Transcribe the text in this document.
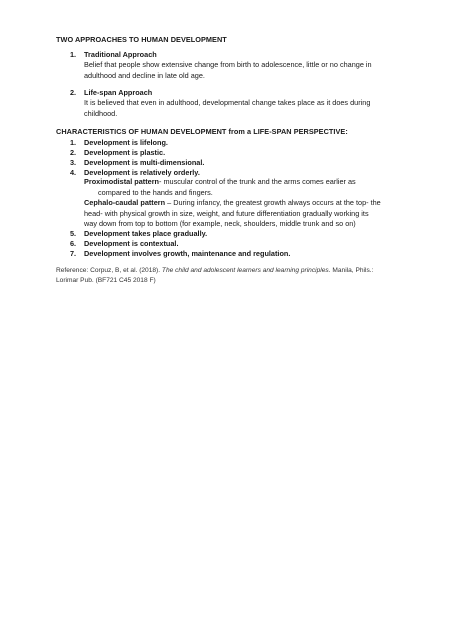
TWO APPROACHES TO HUMAN DEVELOPMENT
1. Traditional Approach
Belief that people show extensive change from birth to adolescence, little or no change in
adulthood and decline in late old age.
2. Life-span Approach
It is believed that even in adulthood, developmental change takes place as it does during
childhood.
CHARACTERISTICS OF HUMAN DEVELOPMENT from a LIFE-SPAN PERSPECTIVE:
1. Development is lifelong.
2. Development is plastic.
3. Development is multi-dimensional.
4. Development is relatively orderly.
Proximodistal pattern- muscular control of the trunk and the arms comes earlier as
compared to the hands and fingers.
Cephalo-caudal pattern – During infancy, the greatest growth always occurs at the top- the
head- with physical growth in size, weight, and future differentiation gradually working its
way down from top to bottom (for example, neck, shoulders, middle trunk and so on)
5. Development takes place gradually.
6. Development is contextual.
7. Development involves growth, maintenance and regulation.
Reference: Corpuz, B, et al. (2018). The child and adolescent learners and learning principles. Manila, Phils.:
Lorimar Pub. (BF721 C45 2018 F)
